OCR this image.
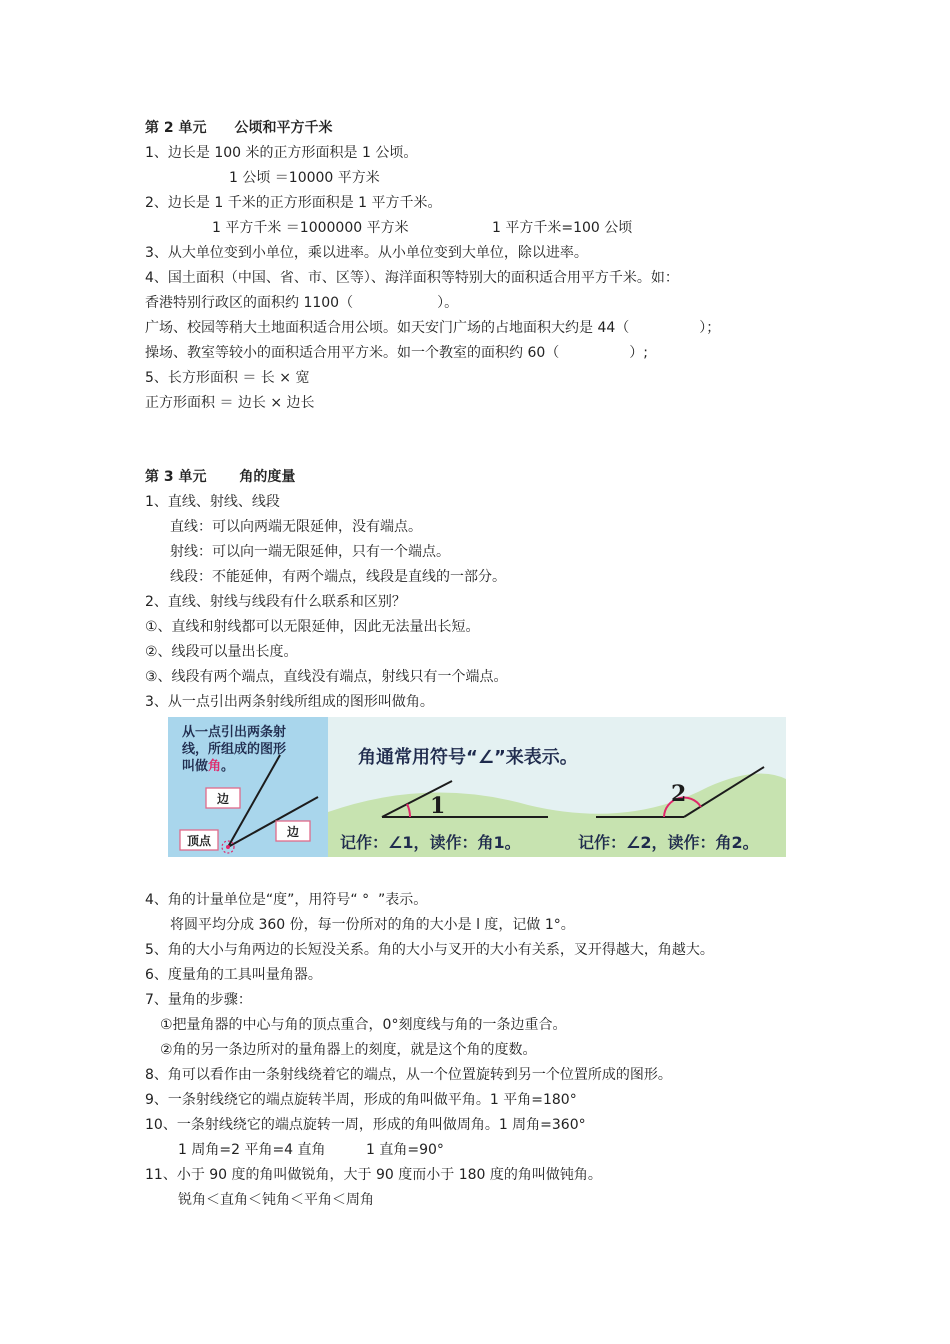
第 2 单元　　公顷和平方千米
1、边长是 100 米的正方形面积是 1 公顷。
1 公顷 ＝10000 平方米
2、边长是 1 千米的正方形面积是 1 平方千米。
1 平方千米 ＝1000000 平方米	1 平方千米=100 公顷
3、从大单位变到小单位，乘以进率。从小单位变到大单位，除以进率。
4、国土面积（中国、省、市、区等）、海洋面积等特别大的面积适合用平方千米。如：
香港特别行政区的面积约 1100（　　　　　　）。
广场、校园等稍大土地面积适合用公顷。如天安门广场的占地面积大约是 44（　　　　　）；
操场、教室等较小的面积适合用平方米。如一个教室的面积约 60（　　　　　）;
5、长方形面积 ＝ 长 × 宽
正方形面积 ＝ 边长 × 边长
第 3 单元　　 角的度量
1、直线、射线、线段
直线：可以向两端无限延伸，没有端点。
射线：可以向一端无限延伸，只有一个端点。
线段：不能延伸，有两个端点，线段是直线的一部分。
2、直线、射线与线段有什么联系和区别？
①、直线和射线都可以无限延伸，因此无法量出长短。
②、线段可以量出长度。
③、线段有两个端点，直线没有端点，射线只有一个端点。
3、从一点引出两条射线所组成的图形叫做角。
从一点引出两条射
线，所组成的图形
叫做角。
边
边
顶点
角通常用符号“∠”来表示。
1	2
记作：∠1，读作：角1。	记作：∠2，读作：角2。
4、角的计量单位是“度”，用符号“ °  ”表示。
将圆平均分成 360 份，每一份所对的角的大小是 l 度，记做 1°。
5、角的大小与角两边的长短没关系。角的大小与叉开的大小有关系，叉开得越大，角越大。
6、度量角的工具叫量角器。
7、量角的步骤：
①把量角器的中心与角的顶点重合，0°刻度线与角的一条边重合。
②角的另一条边所对的量角器上的刻度，就是这个角的度数。
8、角可以看作由一条射线绕着它的端点，从一个位置旋转到另一个位置所成的图形。
9、一条射线绕它的端点旋转半周，形成的角叫做平角。1 平角=180°
10、一条射线绕它的端点旋转一周，形成的角叫做周角。1 周角=360°
1 周角=2 平角=4 直角	1 直角=90°
11、小于 90 度的角叫做锐角，大于 90 度而小于 180 度的角叫做钝角。
锐角＜直角＜钝角＜平角＜周角
